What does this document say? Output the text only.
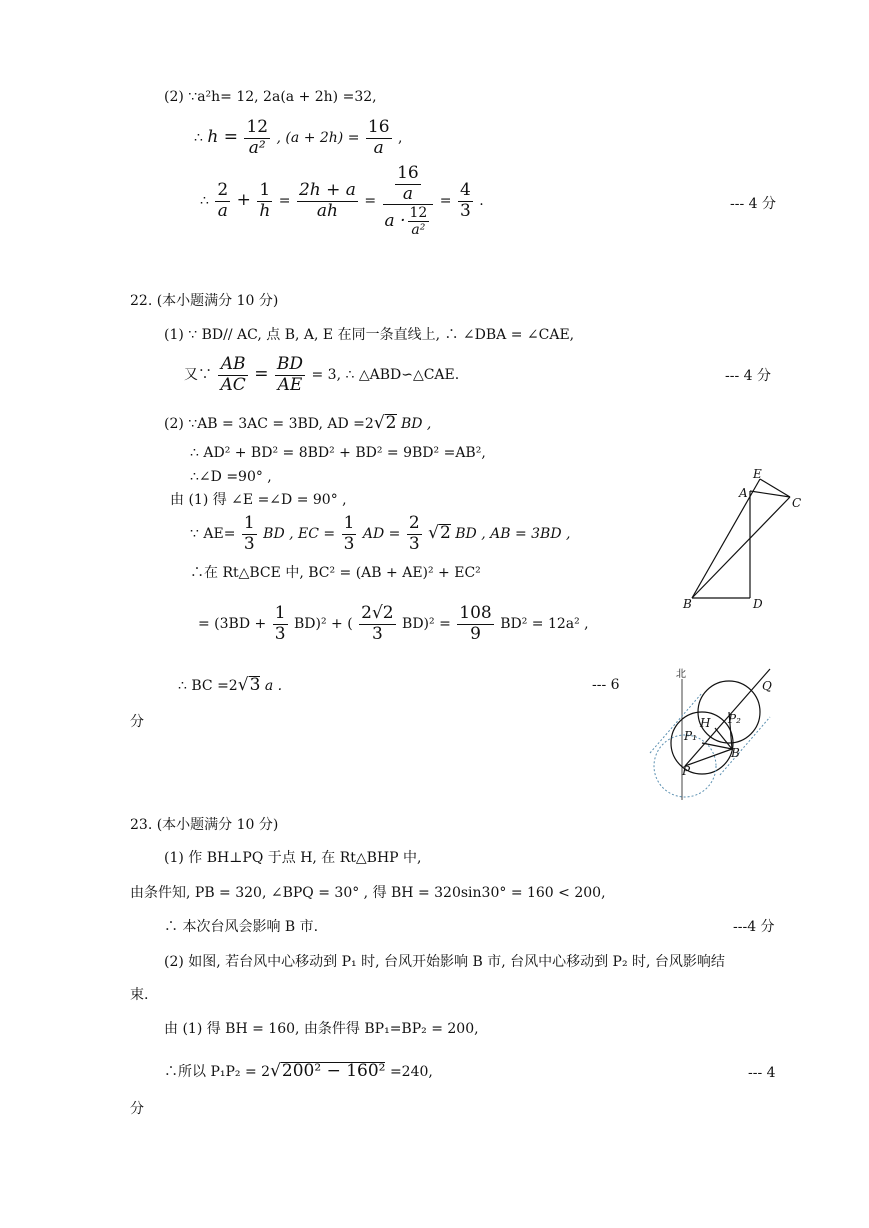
(2) ∵a²h= 12, 2a(a + 2h) =32,
∴ $h = \frac{12}{\text{a²}}$ , $(a + 2h) = \frac{16}{a}$ ,
∴ $\frac{2}{a} + \frac{1}{h} = \frac{2h + a}{ah} = \frac{\frac{16}{a}}{a \cdot \frac{12}{\text{a²}}} = \frac{4}{3}$ .	--- 4 分
22. (本小题满分 10 分)
(1) ∵ BD// AC, 点 B, A, E 在同一条直线上, ∴ ∠DBA = ∠CAE,
又∵ $\frac{AB}{AC} = \frac{BD}{AE} = 3$, ∴ △ABD∽△CAE.	--- 4 分
(2) ∵AB = 3AC = 3BD, AD =2√2 BD ,
∴ AD² + BD² = 8BD² + BD² = 9BD² =AB²,
∴∠D =90° ,
由 (1) 得 ∠E =∠D = 90° ,
∵ $AE= \frac{1}{3}$ BD , EC = $\frac{1}{3}$ AD = $\frac{2}{3} √2$ BD , AB = 3BD ,
∴在 Rt△BCE 中, BC² = (AB + AE)² + EC²
= $(3BD + \frac{1}{3} BD)^2$ + ( $\frac{2√2}{3} BD)^2 = \frac{108}{9} BD^2 = 12a^2$ ,
∴ BC =2√3 a .	--- 6
分
E
A
C
B	D
北
Q
H P₂
P₁
B
P
23. (本小题满分 10 分)
(1) 作 BH⊥PQ 于点 H, 在 Rt△BHP 中,
由条件知, PB = 320, ∠BPQ = 30° , 得 BH = 320sin30° = 160 < 200,
∴ 本次台风会影响 B 市.	---4 分
(2) 如图, 若台风中心移动到 P₁ 时, 台风开始影响 B 市, 台风中心移动到 P₂ 时, 台风影响结
束.
由 (1) 得 BH = 160, 由条件得 BP₁=BP₂ = 200,
∴所以 P₁P₂ = 2√200² − 160² =240,	--- 4
分
